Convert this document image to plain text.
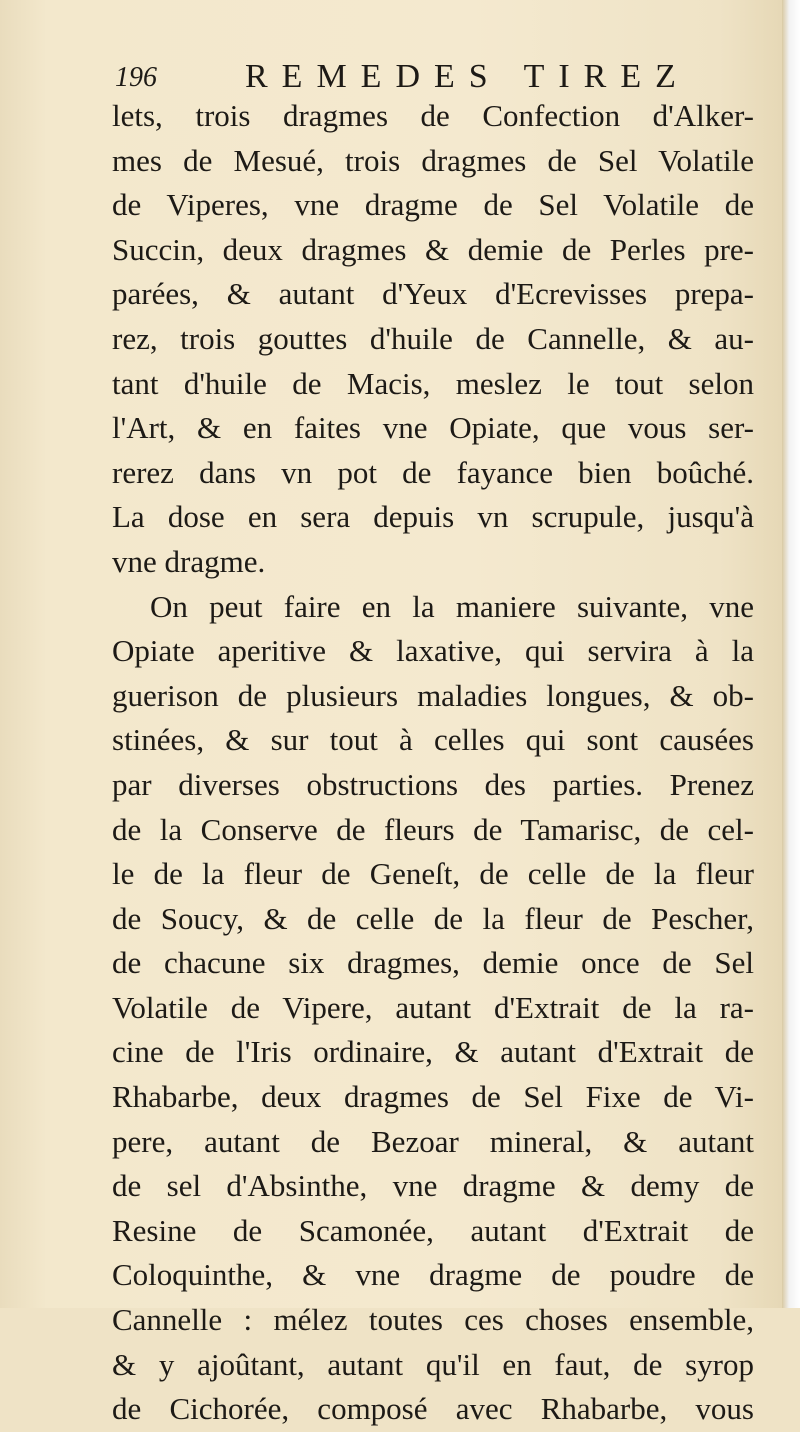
196	REMEDES TIREZ
lets, trois dragmes de Confection d'Alker-
mes de Mesué, trois dragmes de Sel Volatile
de Viperes, vne dragme de Sel Volatile de
Succin, deux dragmes & demie de Perles pre-
parées, & autant d'Yeux d'Ecrevisses prepa-
rez, trois gouttes d'huile de Cannelle, & au-
tant d'huile de Macis, meslez le tout selon
l'Art, & en faites vne Opiate, que vous ser-
rerez dans vn pot de fayance bien boûché.
La dose en sera depuis vn scrupule, jusqu'à
vne dragme.
On peut faire en la maniere suivante, vne
Opiate aperitive & laxative, qui servira à la
guerison de plusieurs maladies longues, & ob-
stinées, & sur tout à celles qui sont causées
par diverses obstructions des parties. Prenez
de la Conserve de fleurs de Tamarisc, de cel-
le de la fleur de Geneſt, de celle de la fleur
de Soucy, & de celle de la fleur de Pescher,
de chacune six dragmes, demie once de Sel
Volatile de Vipere, autant d'Extrait de la ra-
cine de l'Iris ordinaire, & autant d'Extrait de
Rhabarbe, deux dragmes de Sel Fixe de Vi-
pere, autant de Bezoar mineral, & autant
de sel d'Absinthe, vne dragme & demy de
Resine de Scamonée, autant d'Extrait de
Coloquinthe, & vne dragme de poudre de
Cannelle : mélez toutes ces choses ensemble,
& y ajoûtant, autant qu'il en faut, de syrop
de Cichorée, composé avec Rhabarbe, vous
